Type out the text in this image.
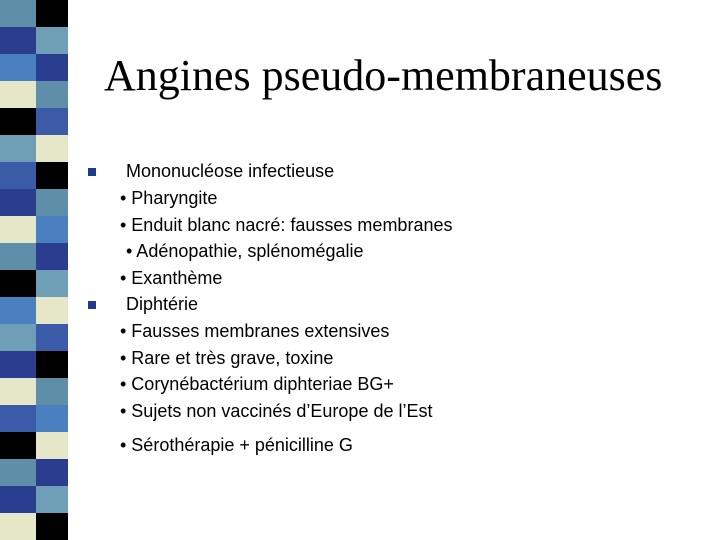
Angines pseudo-membraneuses
Mononucléose infectieuse
• Pharyngite
• Enduit blanc nacré: fausses membranes
• Adénopathie, splénomégalie
• Exanthème
Diphtérie
• Fausses membranes extensives
• Rare et très grave, toxine
• Corynébactérium diphteriae BG+
• Sujets non vaccinés d’Europe de l’Est
• Sérothérapie + pénicilline G
